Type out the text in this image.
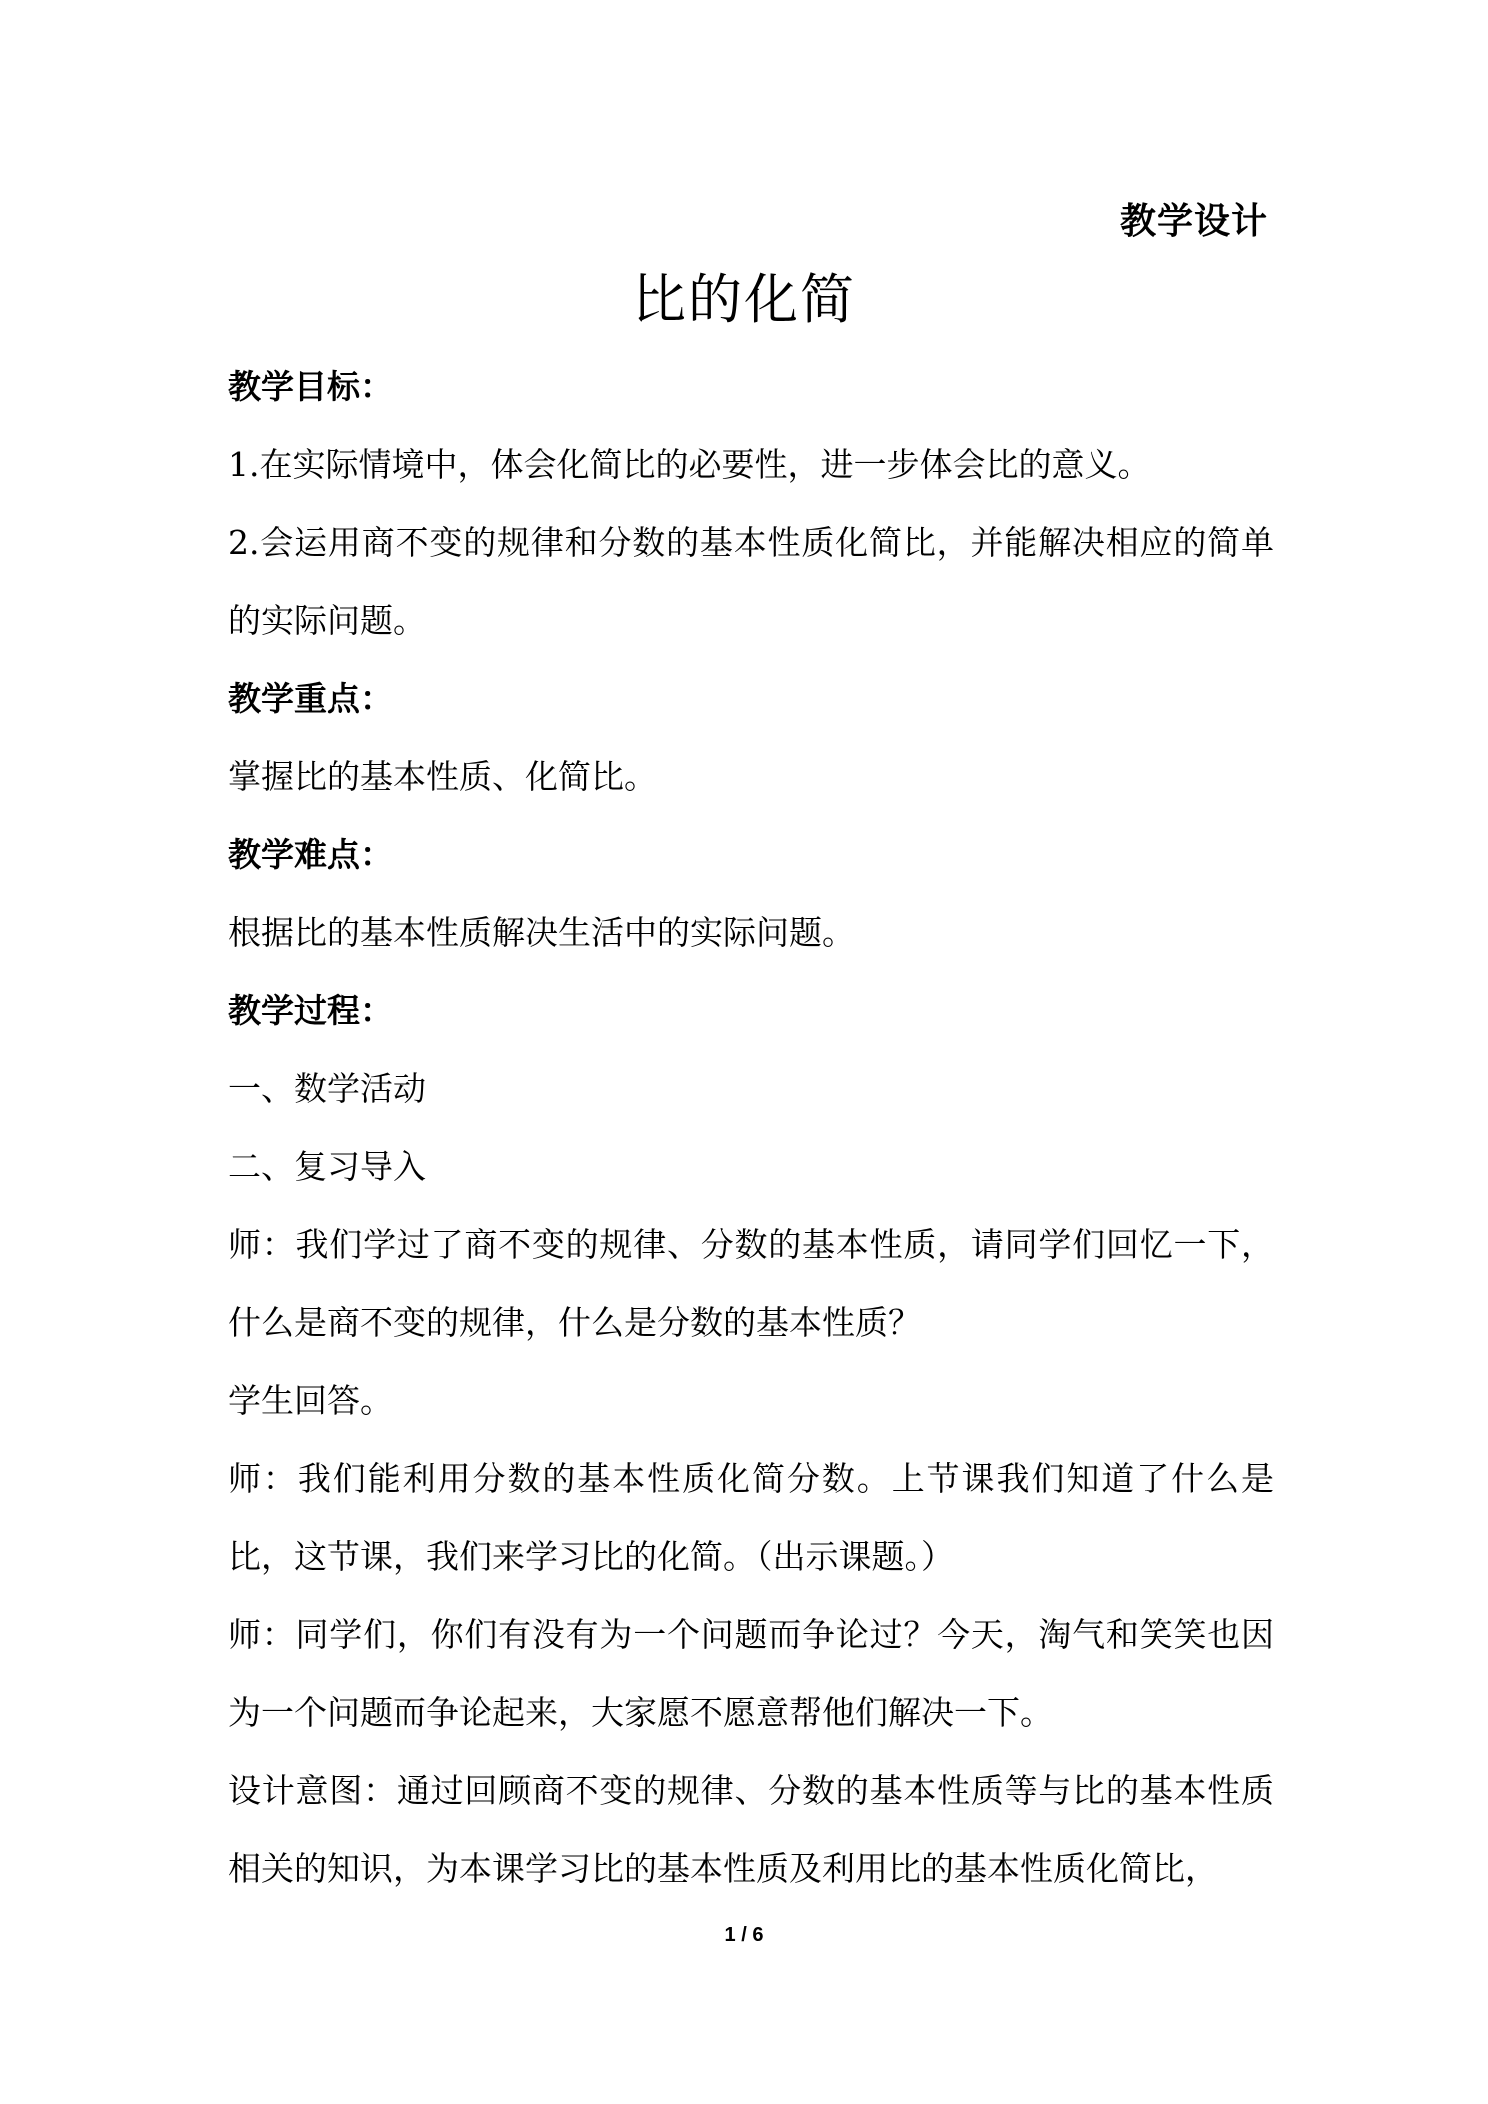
教学设计
比的化简

教学目标：

1.在实际情境中，体会化简比的必要性，进一步体会比的意义。

2.会运用商不变的规律和分数的基本性质化简比，并能解决相应的简单的实际问题。

教学重点：

掌握比的基本性质、化简比。

教学难点：

根据比的基本性质解决生活中的实际问题。

教学过程：

一、数学活动

二、复习导入

师：我们学过了商不变的规律、分数的基本性质，请同学们回忆一下，什么是商不变的规律，什么是分数的基本性质？

学生回答。

师：我们能利用分数的基本性质化简分数。上节课我们知道了什么是比，这节课，我们来学习比的化简。（出示课题。）

师：同学们，你们有没有为一个问题而争论过？今天，淘气和笑笑也因为一个问题而争论起来，大家愿不愿意帮他们解决一下。

设计意图：通过回顾商不变的规律、分数的基本性质等与比的基本性质相关的知识，为本课学习比的基本性质及利用比的基本性质化简比，

1 / 6
